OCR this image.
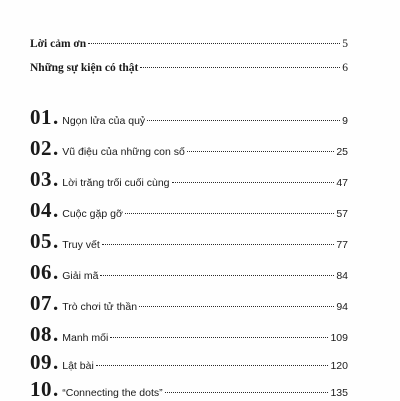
Lời cảm ơn	5
Những sự kiện có thật	6
01 . Ngọn lửa của quỷ	9
02 . Vũ điệu của những con số	25
03 . Lời trăng trối cuối cùng	47
04 . Cuộc gặp gỡ	57
05 . Truy vết	77
06 . Giải mã	84
07 . Trò chơi tử thần	94
08 . Manh mối	109
09 . Lật bài	120
10 . “Connecting the dots”	135
